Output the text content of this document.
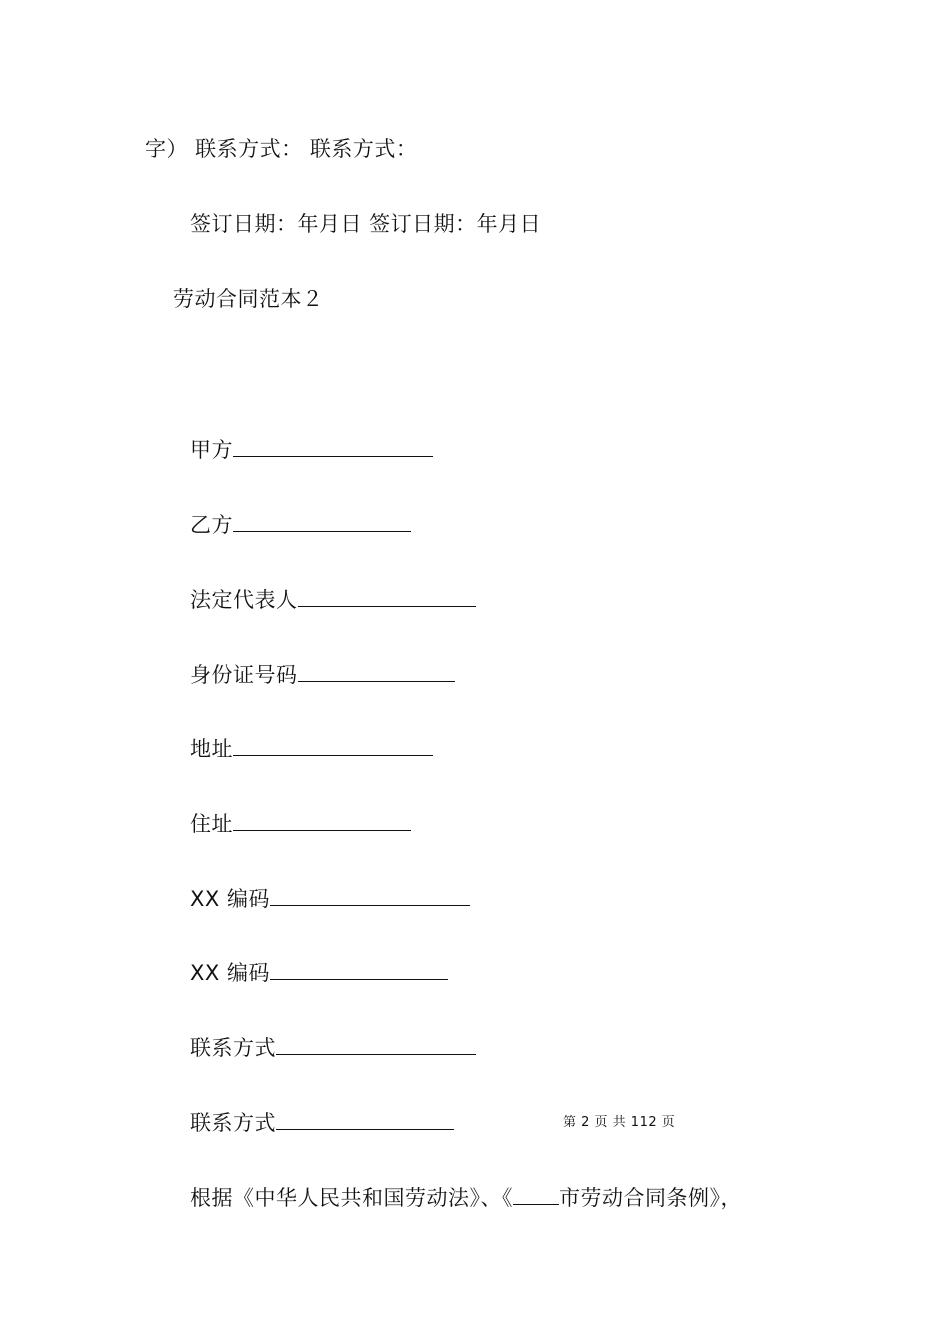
字） 联系方式： 联系方式：
签订日期：年月日 签订日期：年月日
劳动合同范本２
甲方
乙方
法定代表人
身份证号码
地址
住址
XX 编码
XX 编码
联系方式
联系方式	第 2 页 共 112 页
根据《中华人民共和国劳动法》、《 市劳动合同条例》，
